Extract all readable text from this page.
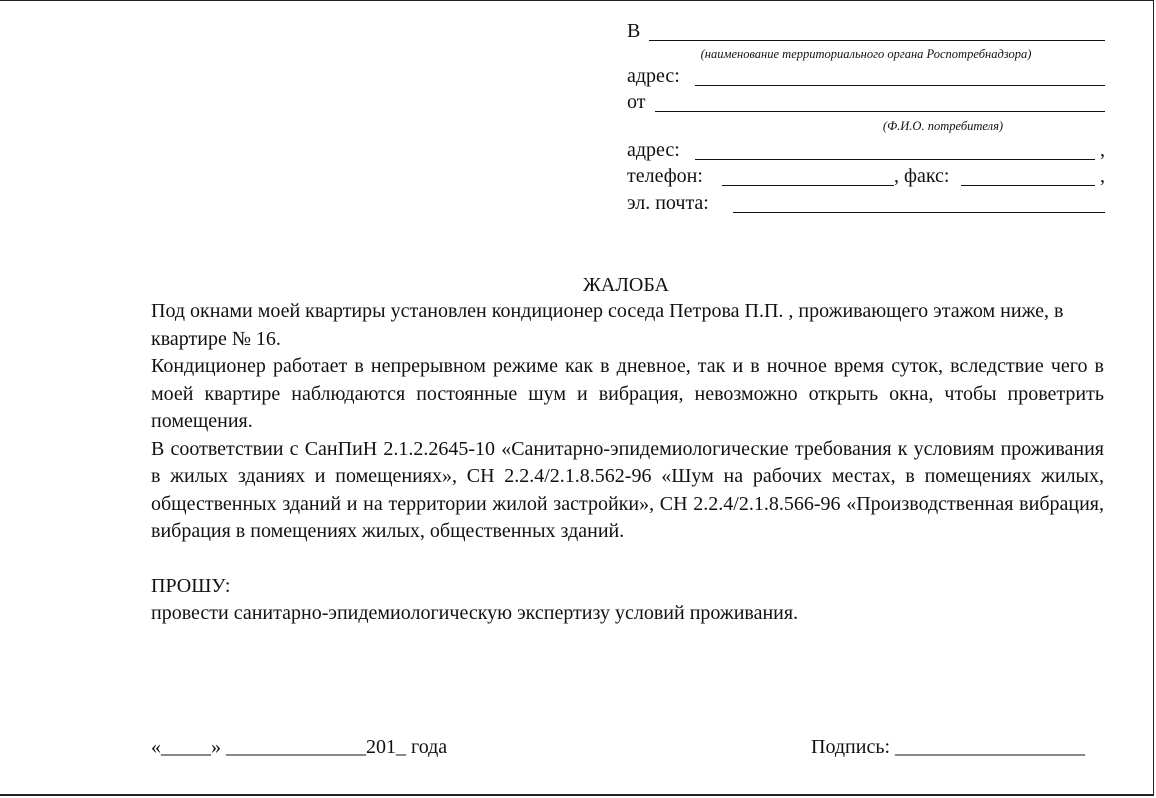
В
(наименование территориального органа Роспотребнадзора)
адрес:
от
(Ф.И.О. потребителя)
адрес:	,
телефон:	, факс:	,
эл. почта:
ЖАЛОБА

Под окнами моей квартиры установлен кондиционер соседа Петрова П.П. , проживающего этажом ниже, в квартире № 16.

Кондиционер работает в непрерывном режиме как в дневное, так и в ночное время суток, вследствие чего в моей квартире наблюдаются постоянные шум и вибрация, невозможно открыть окна, чтобы проветрить помещения.

В соответствии с СанПиН 2.1.2.2645-10 «Санитарно-эпидемиологические требования к условиям проживания в жилых зданиях и помещениях», СН 2.2.4/2.1.8.562-96 «Шум на рабочих местах, в помещениях жилых, общественных зданий и на территории жилой застройки», СН 2.2.4/2.1.8.566-96 «Производственная вибрация, вибрация в помещениях жилых, общественных зданий.

ПРОШУ:

провести санитарно-эпидемиологическую экспертизу условий проживания.

«_____» ______________201_ года	Подпись: ___________________
